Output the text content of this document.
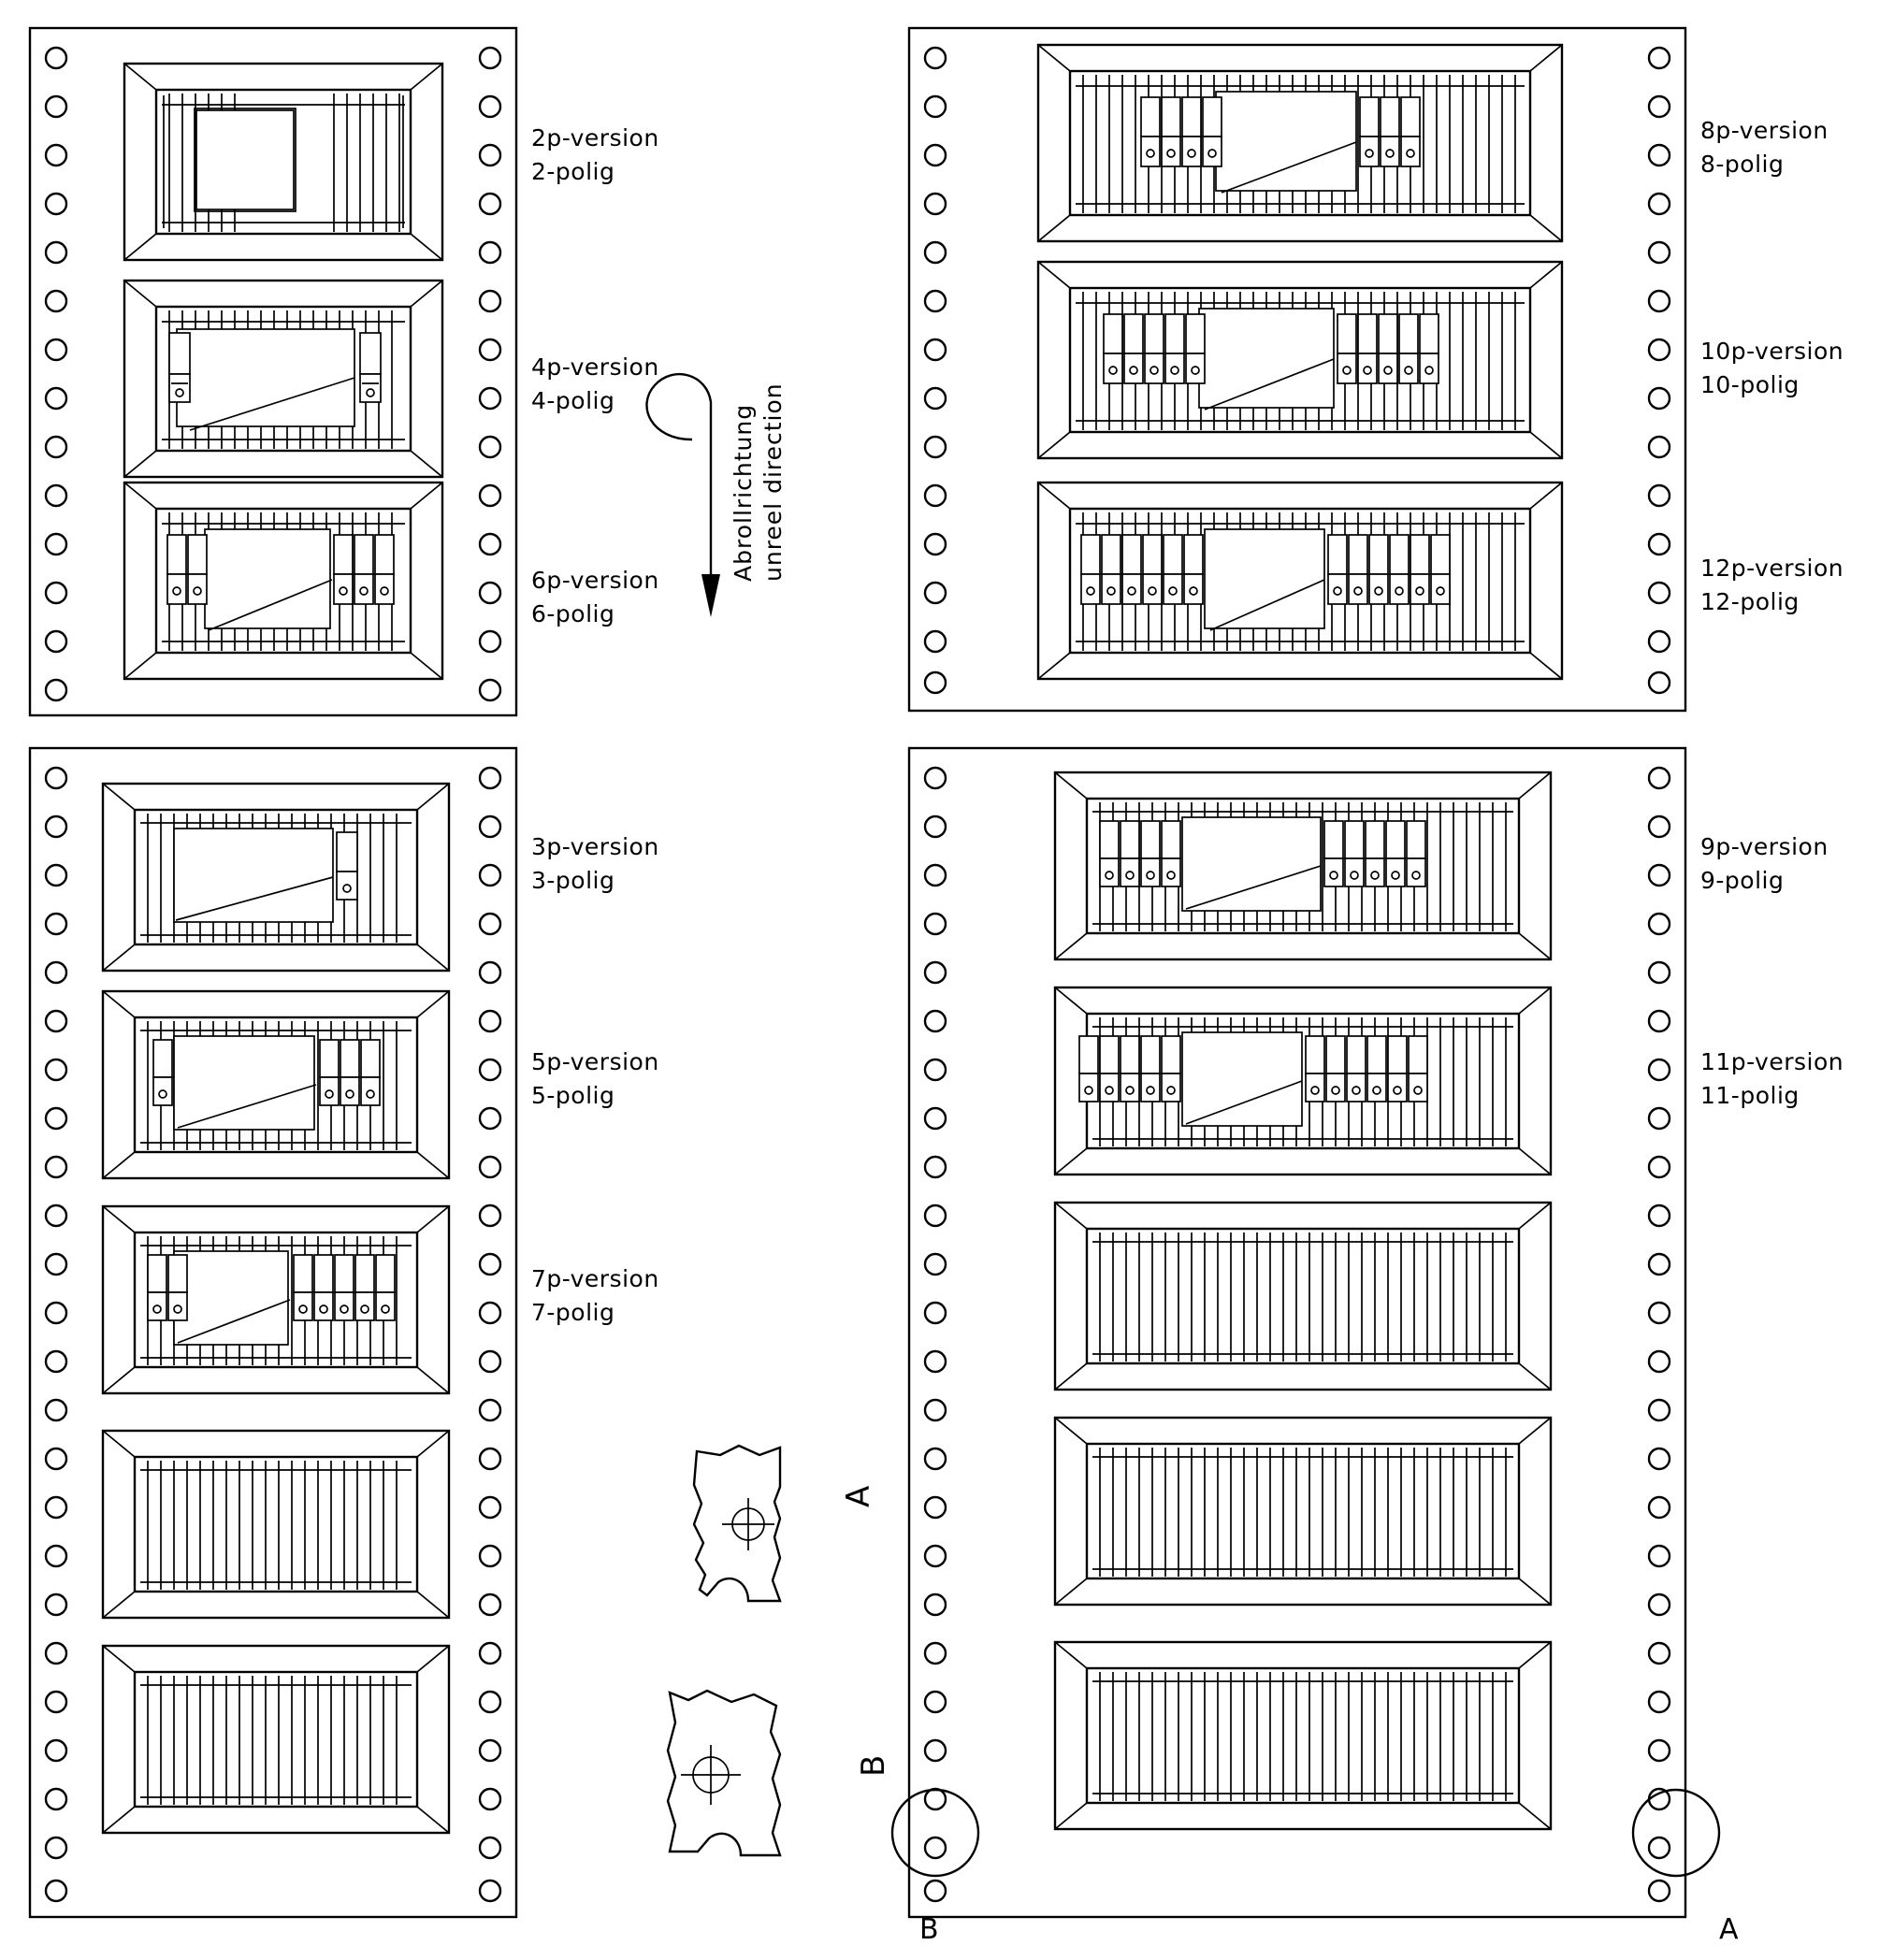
2p-version
2-polig
4p-version
4-polig
6p-version
6-polig
8p-version
8-polig
10p-version
10-polig
12p-version
12-polig
3p-version
3-polig
5p-version
5-polig
7p-version
7-polig
9p-version
9-polig
11p-version
11-polig
unreel direction
Abrollrichtung
A
B
B	A
